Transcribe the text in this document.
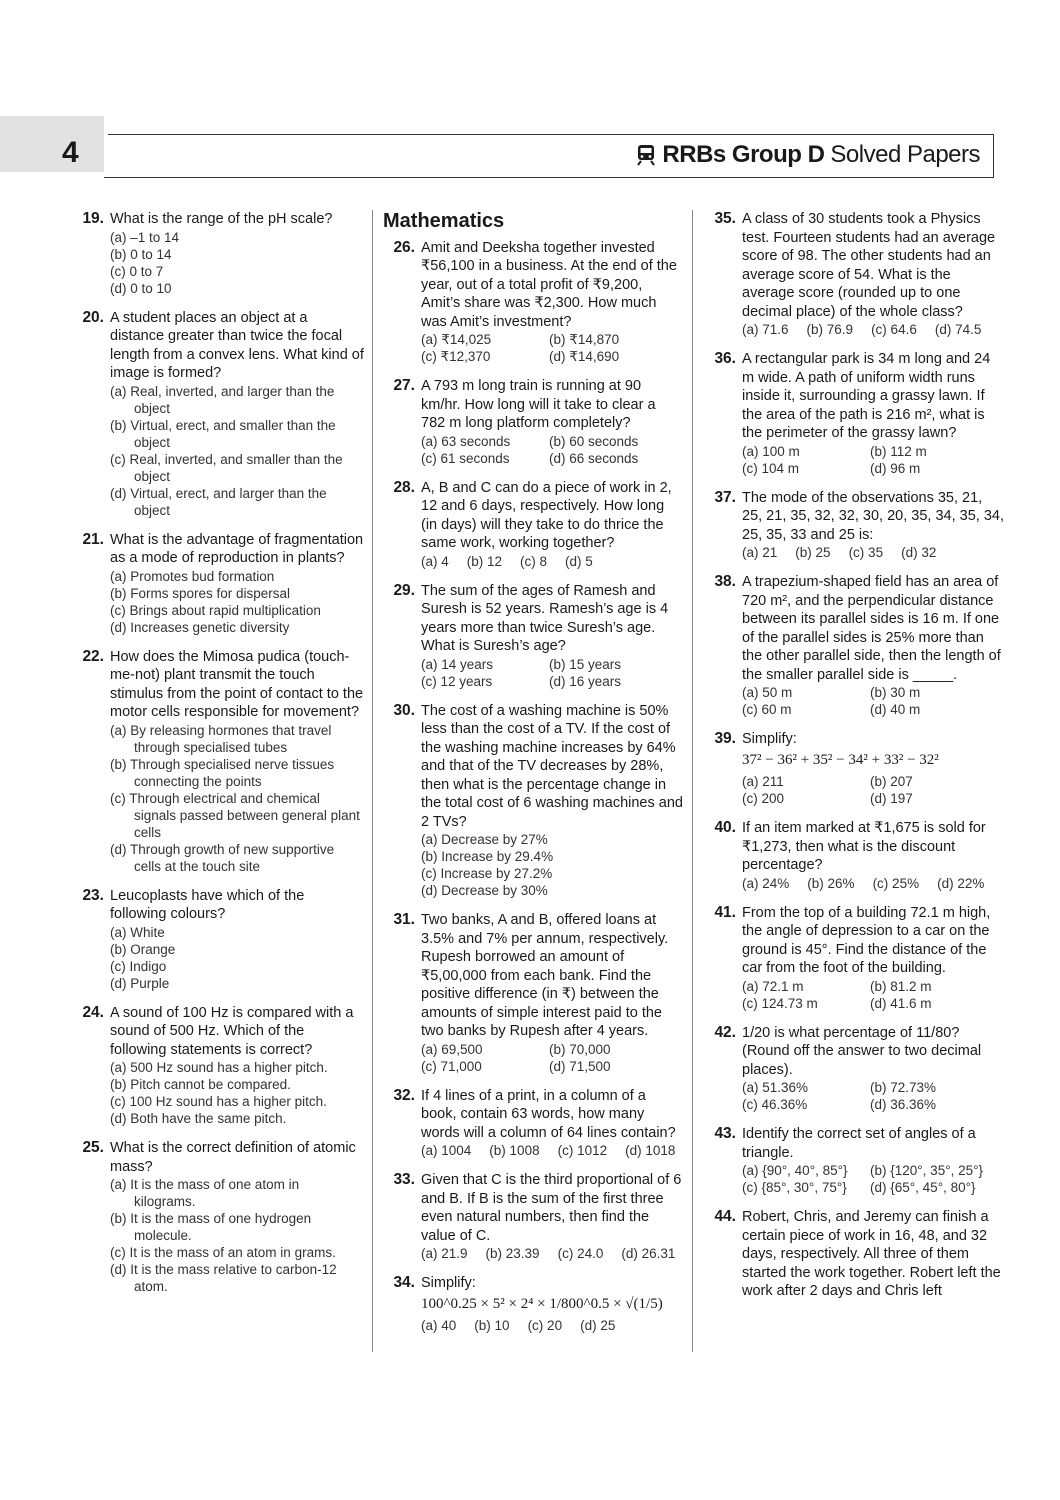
4	RRBs Group D Solved Papers
19. What is the range of the pH scale?
(a) –1 to 14
(b) 0 to 14
(c) 0 to 7
(d) 0 to 10
20. A student places an object at a distance greater than twice the focal length from a convex lens. What kind of image is formed?
(a) Real, inverted, and larger than the object
(b) Virtual, erect, and smaller than the object
(c) Real, inverted, and smaller than the object
(d) Virtual, erect, and larger than the object
21. What is the advantage of fragmentation as a mode of reproduction in plants?
(a) Promotes bud formation
(b) Forms spores for dispersal
(c) Brings about rapid multiplication
(d) Increases genetic diversity
22. How does the Mimosa pudica (touch-me-not) plant transmit the touch stimulus from the point of contact to the motor cells responsible for movement?
(a) By releasing hormones that travel through specialised tubes
(b) Through specialised nerve tissues connecting the points
(c) Through electrical and chemical signals passed between general plant cells
(d) Through growth of new supportive cells at the touch site
23. Leucoplasts have which of the following colours?
(a) White
(b) Orange
(c) Indigo
(d) Purple
24. A sound of 100 Hz is compared with a sound of 500 Hz. Which of the following statements is correct?
(a) 500 Hz sound has a higher pitch.
(b) Pitch cannot be compared.
(c) 100 Hz sound has a higher pitch.
(d) Both have the same pitch.
25. What is the correct definition of atomic mass?
(a) It is the mass of one atom in kilograms.
(b) It is the mass of one hydrogen molecule.
(c) It is the mass of an atom in grams.
(d) It is the mass relative to carbon-12 atom.
Mathematics
26. Amit and Deeksha together invested ₹56,100 in a business. At the end of the year, out of a total profit of ₹9,200, Amit’s share was ₹2,300. How much was Amit’s investment?
(a) ₹14,025	(b) ₹14,870
(c) ₹12,370	(d) ₹14,690
27. A 793 m long train is running at 90 km/hr. How long will it take to clear a 782 m long platform completely?
(a) 63 seconds	(b) 60 seconds
(c) 61 seconds	(d) 66 seconds
28. A, B and C can do a piece of work in 2, 12 and 6 days, respectively. How long (in days) will they take to do thrice the same work, working together?
(a) 4 (b) 12 (c) 8 (d) 5
29. The sum of the ages of Ramesh and Suresh is 52 years. Ramesh’s age is 4 years more than twice Suresh’s age. What is Suresh’s age?
(a) 14 years	(b) 15 years
(c) 12 years	(d) 16 years
30. The cost of a washing machine is 50% less than the cost of a TV. If the cost of the washing machine increases by 64% and that of the TV decreases by 28%, then what is the percentage change in the total cost of 6 washing machines and 2 TVs?
(a) Decrease by 27%
(b) Increase by 29.4%
(c) Increase by 27.2%
(d) Decrease by 30%
31. Two banks, A and B, offered loans at 3.5% and 7% per annum, respectively. Rupesh borrowed an amount of ₹5,00,000 from each bank. Find the positive difference (in ₹) between the amounts of simple interest paid to the two banks by Rupesh after 4 years.
(a) 69,500	(b) 70,000
(c) 71,000	(d) 71,500
32. If 4 lines of a print, in a column of a book, contain 63 words, how many words will a column of 64 lines contain?
(a) 1004 (b) 1008 (c) 1012 (d) 1018
33. Given that C is the third proportional of 6 and B. If B is the sum of the first three even natural numbers, then find the value of C.
(a) 21.9 (b) 23.39 (c) 24.0 (d) 26.31
34. Simplify:
100^0.25 × 5² × 2⁴ × 1/800^0.5 × √(1/5)
(a) 40 (b) 10 (c) 20 (d) 25
35. A class of 30 students took a Physics test. Fourteen students had an average score of 98. The other students had an average score of 54. What is the average score (rounded up to one decimal place) of the whole class?
(a) 71.6 (b) 76.9 (c) 64.6 (d) 74.5
36. A rectangular park is 34 m long and 24 m wide. A path of uniform width runs inside it, surrounding a grassy lawn. If the area of the path is 216 m², what is the perimeter of the grassy lawn?
(a) 100 m	(b) 112 m
(c) 104 m	(d) 96 m
37. The mode of the observations 35, 21, 25, 21, 35, 32, 32, 30, 20, 35, 34, 35, 34, 25, 35, 33 and 25 is:
(a) 21 (b) 25 (c) 35 (d) 32
38. A trapezium-shaped field has an area of 720 m², and the perpendicular distance between its parallel sides is 16 m. If one of the parallel sides is 25% more than the other parallel side, then the length of the smaller parallel side is _____.
(a) 50 m	(b) 30 m
(c) 60 m	(d) 40 m
39. Simplify:
37² − 36² + 35² − 34² + 33² − 32²
(a) 211	(b) 207
(c) 200	(d) 197
40. If an item marked at ₹1,675 is sold for ₹1,273, then what is the discount percentage?
(a) 24% (b) 26% (c) 25% (d) 22%
41. From the top of a building 72.1 m high, the angle of depression to a car on the ground is 45°. Find the distance of the car from the foot of the building.
(a) 72.1 m	(b) 81.2 m
(c) 124.73 m	(d) 41.6 m
42. 1/20 is what percentage of 11/80? (Round off the answer to two decimal places).
(a) 51.36%	(b) 72.73%
(c) 46.36%	(d) 36.36%
43. Identify the correct set of angles of a triangle.
(a) {90°, 40°, 85°}	(b) {120°, 35°, 25°}
(c) {85°, 30°, 75°}	(d) {65°, 45°, 80°}
44. Robert, Chris, and Jeremy can finish a certain piece of work in 16, 48, and 32 days, respectively. All three of them started the work together. Robert left the work after 2 days and Chris left
